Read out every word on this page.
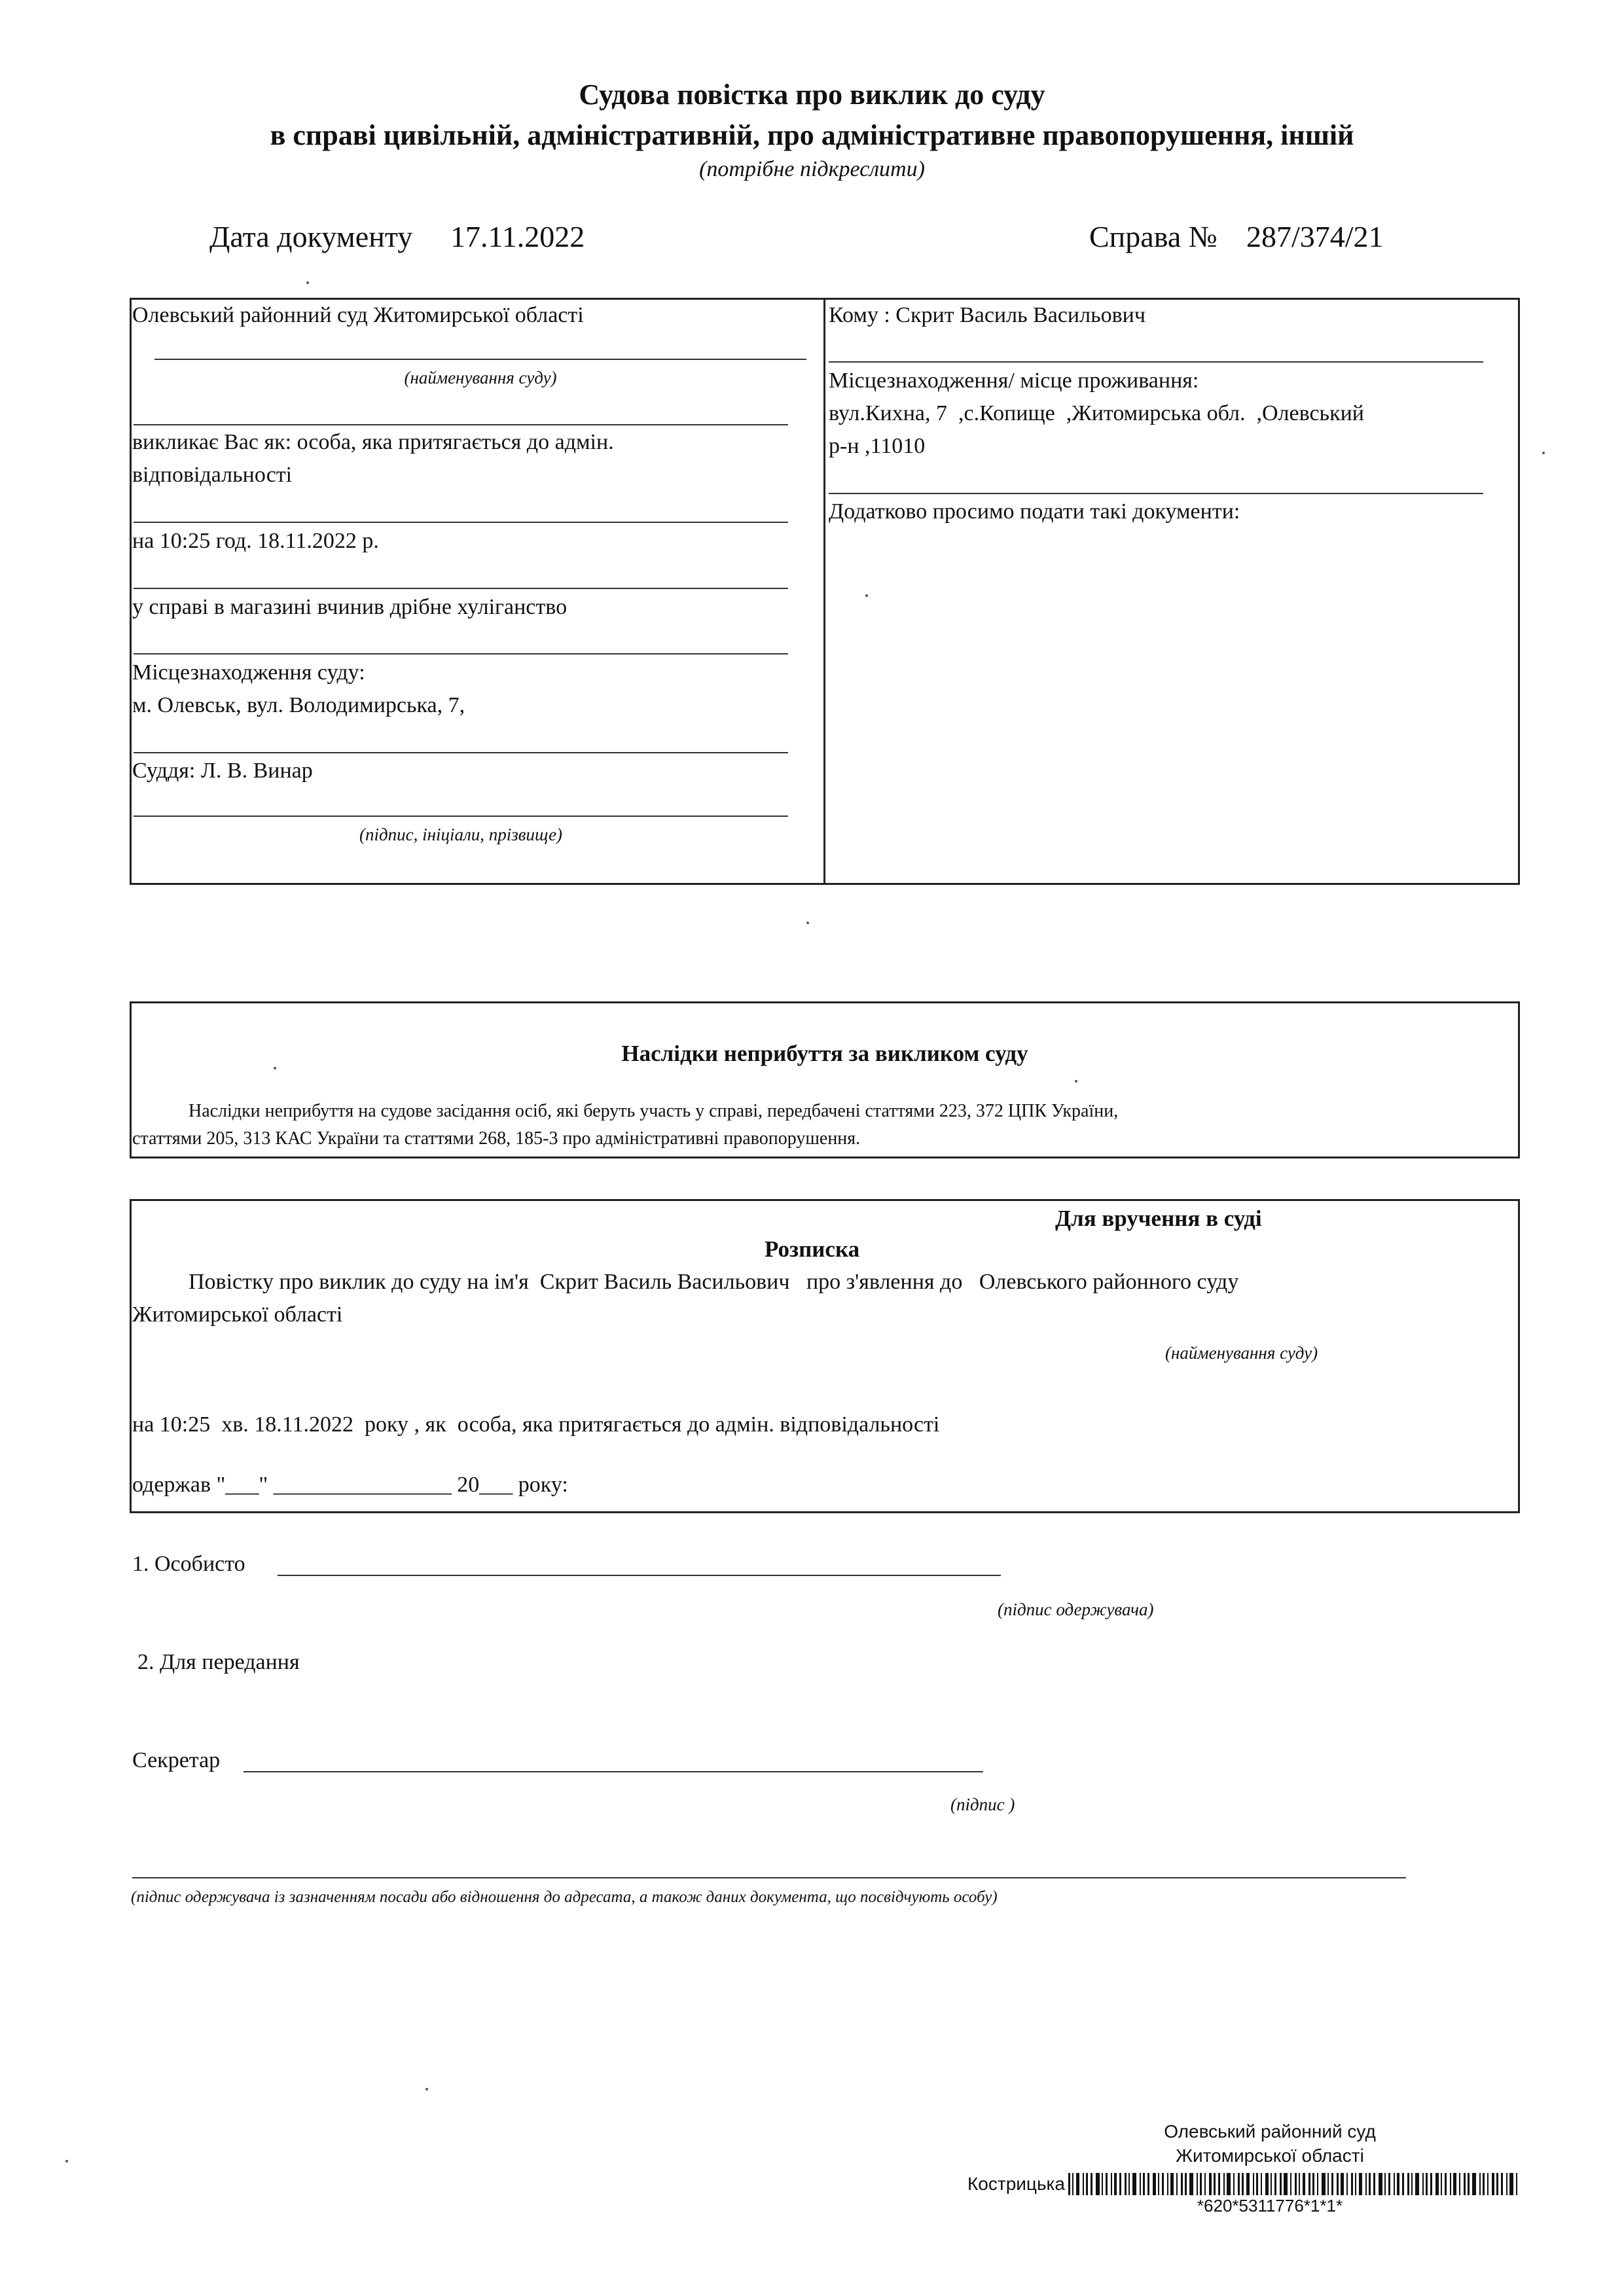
Судова повістка про виклик до суду
в справі цивільній, адміністративній, про адміністративне правопорушення, іншій
(потрібне підкреслити)
Дата документу 17.11.2022	Справа № 287/374/21
Олевський районний суд Житомирської області
(найменування суду)
викликає Вас як: особа, яка притягається до адмін.
відповідальності
на 10:25 год. 18.11.2022 р.
у справі в магазині вчинив дрібне хуліганство
Місцезнаходження суду:
м. Олевськ, вул. Володимирська, 7,
Суддя: Л. В. Винар
(підпис, ініціали, прізвище)
Кому : Скрит Василь Васильович
Місцезнаходження/ місце проживання:
вул.Кихна, 7  ,с.Копище  ,Житомирська обл.  ,Олевський
р-н ,11010
Додатково просимо подати такі документи:
Наслідки неприбуття за викликом суду
Наслідки неприбуття на судове засідання осіб, які беруть участь у справі, передбачені статтями 223, 372 ЦПК України,
статтями 205, 313 КАС України та статтями 268, 185-3 про адміністративні правопорушення.
Для вручення в суді
Розписка
Повістку про виклик до суду на ім'я  Скрит Василь Васильович   про з'явлення до   Олевського районного суду
Житомирської області
(найменування суду)
на 10:25  хв. 18.11.2022  року , як  особа, яка притягається до адмін. відповідальності
одержав "___" ________________ 20___ року:
1. Особисто
(підпис одержувача)
2. Для передання
Секретар
(підпис )
(підпис одержувача із зазначенням посади або відношення до адресата, а також даних документа, що посвідчують особу)
Олевський районний суд
Житомирської області
Кострицька
*620*5311776*1*1*
